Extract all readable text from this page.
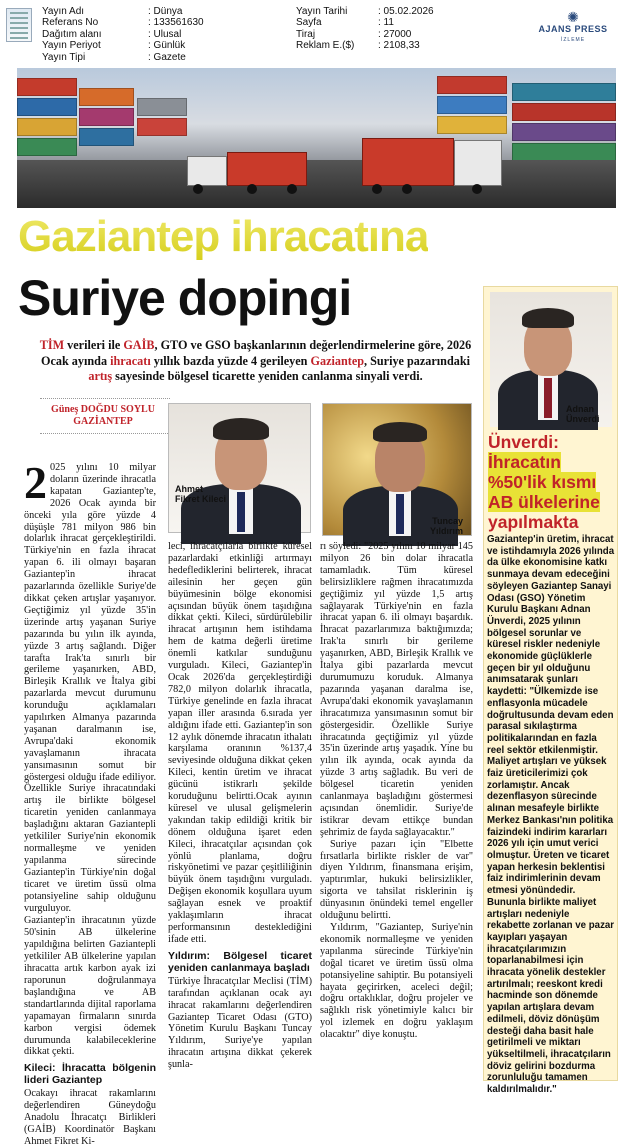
Yayın Adı
Referans No
Dağıtım alanı
Yayın Periyot
Yayın Tipi
: Dünya
: 133561630
: Ulusal
: Günlük
: Gazete
Yayın Tarihi
Sayfa
Tiraj
Reklam E.($)
: 05.02.2026
: 11
: 27000
: 2108,33
✺
AJANS PRESS
İZLEME
Gaziantep ihracatına
Suriye dopingi
TİM verileri ile GAİB, GTO ve GSO başkanlarının değerlendirmelerine göre, 2026 Ocak ayında ihracatı yıllık bazda yüzde 4 gerileyen Gaziantep, Suriye pazarındaki artış sayesinde bölgesel ticarette yeniden canlanma sinyali verdi.
Güneş DOĞDU SOYLU
GAZİANTEP
Ahmet
Fikret Kileci
Tuncay
Yıldırım
2 025 yılını 10 milyar doların üzerinde ihracatla kapatan Gaziantep'te, 2026 Ocak ayında bir önceki yıla göre yüzde 4 düşüşle 781 milyon 986 bin dolarlık ihracat gerçekleştirildi. Türkiye'nin en fazla ihracat yapan 6. ili olmayı başaran Gaziantep'in ihracat pazarlarında özellikle Suriye'de dikkat çeken artışlar yaşanıyor. Geçtiğimiz yıl yüzde 35'in üzerinde artış yaşanan Suriye pazarında bu yılın ilk ayında, yüzde 3 artış sağlandı. Diğer tarafta Irak'ta sınırlı bir gerileme yaşanırken, ABD, Birleşik Krallık ve İtalya gibi pazarlarda mevcut durumunu korunduğu açıklamaları yapılırken Almanya pazarında yaşanan daralmanın ise, Avrupa'daki ekonomik yavaşlamanın ihracata yansımasının somut bir göstergesi olduğu ifade ediliyor. Özellikle Suriye ihracatındaki artış ile birlikte bölgesel ticaretin yeniden canlanmaya başladığını aktaran Gaziantepli yetkililer Suriye'nin ekonomik normalleşme ve yeniden yapılanma sürecinde Gaziantep'in Türkiye'nin doğal ticaret ve üretim üssü olma potansiyeline sahip olduğunu vurguluyor.

Gaziantep'in ihracatının yüzde 50'sinin AB ülkelerine yapıldığına belirten Gaziantepli yetkililer AB ülkelerine yapılan ihracatta artık karbon ayak izi raporunun doğrulanmaya başlandığına ve AB standartlarında dijital raporlama yapamayan firmaların sınırda karbon vergisi ödemek durumunda kalabileceklerine dikkat çekti.

Kileci: İhracatta bölgenin lideri Gaziantep

Ocakayı ihracat rakamlarını değerlendiren Güneydoğu Anadolu İhracatçı Birlikleri (GAİB) Koordinatör Başkanı Ahmet Fikret Ki-

leci, ihracatçılarla birlikte küresel pazarlardaki etkinliği artırmayı hedeflediklerini belirterek, ihracat ailesinin her geçen gün büyümesinin bölge ekonomisi açısından büyük önem taşıdığına dikkat çekti. Kileci, sürdürülebilir ihracat artışının hem istihdama hem de katma değerli üretime önemli katkılar sunduğunu vurguladı. Kileci, Gaziantep'in Ocak 2026'da gerçekleştirdiği 782,0 milyon dolarlık ihracatla, Türkiye genelinde en fazla ihracat yapan iller arasında 6.sırada yer aldığını ifade etti. Gaziantep'in son 12 aylık dönemde ihracatın ithalatı karşılama oranının %137,4 seviyesinde olduğuna dikkat çeken Kileci, kentin üretim ve ihracat gücünü istikrarlı şekilde koruduğunu belirtti.Ocak ayının küresel ve ulusal gelişmelerin yakından takip edildiği kritik bir dönem olduğuna işaret eden Kileci, ihracatçılar açısından çok yönlü planlama, doğru riskyönetimi ve pazar çeşitliliğinin büyük önem taşıdığını vurguladı. Değişen ekonomik koşullara uyum sağlayan esnek ve proaktif yaklaşımların ihracat performansının desteklediğini ifade etti.

Yıldırım: Bölgesel ticaret yeniden canlanmaya başladı

Türkiye İhracatçılar Meclisi (TİM) tarafından açıklanan ocak ayı ihracat rakamlarını değerlendiren Gaziantep Ticaret Odası (GTO) Yönetim Kurulu Başkanı Tuncay Yıldırım, Suriye'ye yapılan ihracatın artışına dikkat çekerek şunla-

rı söyledi: "2025 yılını 10 milyar 145 milyon 26 bin dolar ihracatla tamamladık. Tüm küresel belirsizliklere rağmen ihracatımızda geçtiğimiz yıl yüzde 1,5 artış sağlayarak Türkiye'nin en fazla ihracat yapan 6. ili olmayı başardık. İhracat pazarlarımıza baktığımızda; Irak'ta sınırlı bir gerileme yaşanırken, ABD, Birleşik Krallık ve İtalya gibi pazarlarda mevcut durumumuzu koruduk. Almanya pazarında yaşanan daralma ise, Avrupa'daki ekonomik yavaşlamanın ihracatımıza yansımasının somut bir göstergesidir. Özellikle Suriye ihracatında geçtiğimiz yıl yüzde 35'in üzerinde artış yaşadık. Yine bu yılın ilk ayında, ocak ayında da yüzde 3 artış sağladık. Bu veri de bölgesel ticaretin yeniden canlanmaya başladığını göstermesi açısından önemlidir. Suriye'de istikrar devam ettikçe bundan şehrimiz de fayda sağlayacaktır."

Suriye pazarı için "Elbette fırsatlarla birlikte riskler de var" diyen Yıldırım, finansmana erişim, yaptırımlar, hukuki belirsizlikler, sigorta ve tahsilat risklerinin iş dünyasının önündeki temel engeller olduğunu belirtti.

Yıldırım, "Gaziantep, Suriye'nin ekonomik normalleşme ve yeniden yapılanma sürecinde Türkiye'nin doğal ticaret ve üretim üssü olma potansiyeline sahiptir. Bu potansiyeli hayata geçirirken, aceleci değil; doğru ortaklıklar, doğru projeler ve sağlıklı risk yönetimiyle kalıcı bir yol izlemek en doğru yaklaşım olacaktır" diye konuştu.

Adnan
Ünverdi
Ünverdi:
İhracatın
%50'lik kısmı
AB ülkelerine
yapılmakta
Gaziantep'in üretim, ihracat ve istihdamıyla 2026 yılında da ülke ekonomisine katkı sunmaya devam edeceğini söyleyen Gaziantep Sanayi Odası (GSO) Yönetim Kurulu Başkanı Adnan Ünverdi, 2025 yılının bölgesel sorunlar ve küresel riskler nedeniyle ekonomide güçlüklerle geçen bir yıl olduğunu anımsatarak şunları kaydetti: "Ülkemizde ise enflasyonla mücadele doğrultusunda devam eden parasal sıkılaştırma politikalarından en fazla reel sektör etkilenmiştir. Maliyet artışları ve yüksek faiz üreticilerimizi çok zorlamıştır. Ancak dezenflasyon sürecinde alınan mesafeyle birlikte Merkez Bankası'nın politika faizindeki indirim kararları 2026 yılı için umut verici olmuştur. Üreten ve ticaret yapan herkesin beklentisi faiz indirimlerinin devam etmesi yönündedir. Bununla birlikte maliyet artışları nedeniyle rekabette zorlanan ve pazar kayıpları yaşayan ihracatçılarımızın toparlanabilmesi için ihracata yönelik destekler artırılmalı; reeskont kredi hacminde son dönemde yapılan artışlara devam edilmeli, döviz dönüşüm desteği daha basit hale getirilmeli ve miktarı yükseltilmeli, ihracatçıların döviz gelirini bozdurma zorunluluğu tamamen kaldırılmalıdır."
